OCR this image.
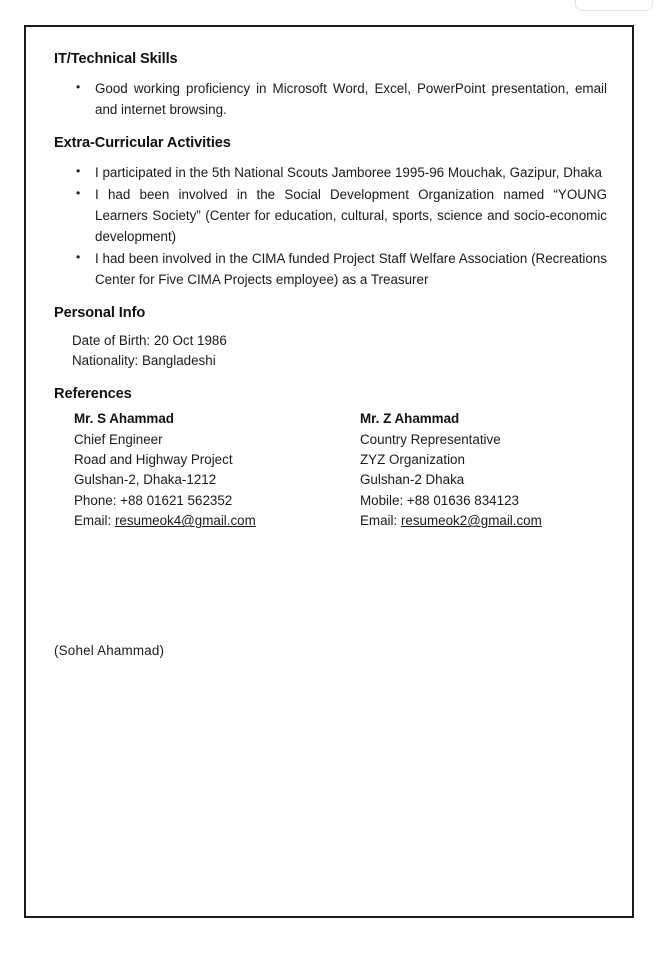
IT/Technical Skills
• Good working proficiency in Microsoft Word, Excel, PowerPoint presentation, email and internet browsing.
Extra-Curricular Activities
• I participated in the 5th National Scouts Jamboree 1995-96 Mouchak, Gazipur, Dhaka
• I had been involved in the Social Development Organization named “YOUNG Learners Society” (Center for education, cultural, sports, science and socio-economic development)
• I had been involved in the CIMA funded Project Staff Welfare Association (Recreations Center for Five CIMA Projects employee) as a Treasurer
Personal Info
Date of Birth: 20 Oct 1986
Nationality: Bangladeshi
References
Mr. S Ahammad
Chief Engineer
Road and Highway Project
Gulshan-2, Dhaka-1212
Phone: +88 01621 562352
Email: resumeok4@gmail.com
Mr. Z Ahammad
Country Representative
ZYZ Organization
Gulshan-2 Dhaka
Mobile: +88 01636 834123
Email: resumeok2@gmail.com
(Sohel Ahammad)
